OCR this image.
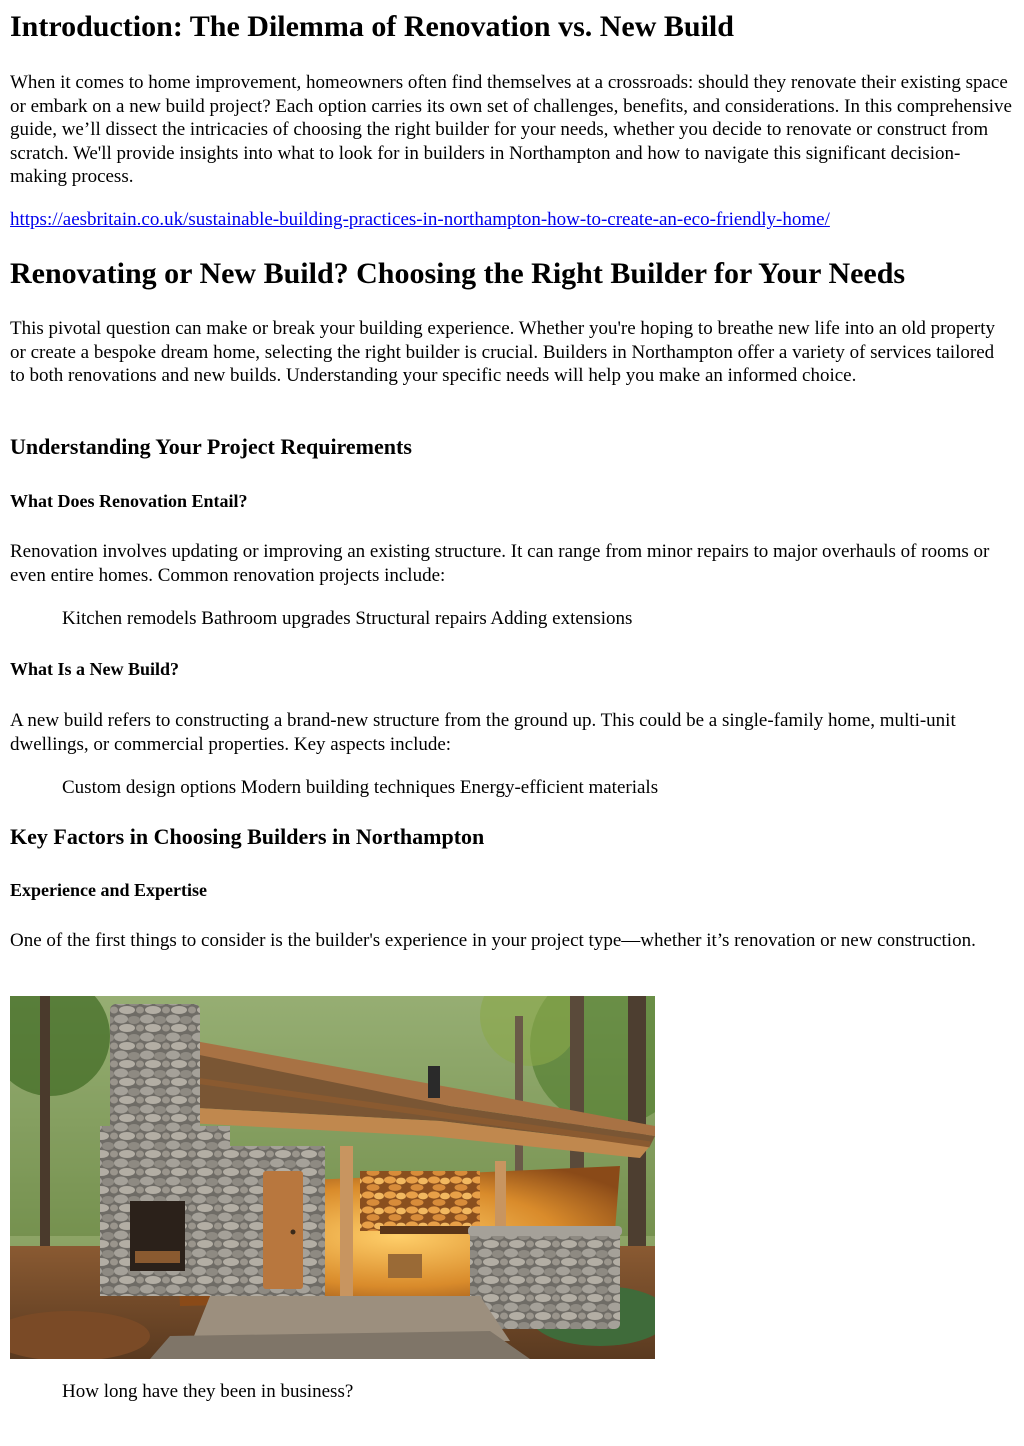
Introduction: The Dilemma of Renovation vs. New Build

When it comes to home improvement, homeowners often find themselves at a crossroads: should they renovate their existing space or embark on a new build project? Each option carries its own set of challenges, benefits, and considerations. In this comprehensive guide, we’ll dissect the intricacies of choosing the right builder for your needs, whether you decide to renovate or construct from scratch. We'll provide insights into what to look for in builders in Northampton and how to navigate this significant decision-making process.

https://aesbritain.co.uk/sustainable-building-practices-in-northampton-how-to-create-an-eco-friendly-home/
Renovating or New Build? Choosing the Right Builder for Your Needs

This pivotal question can make or break your building experience. Whether you're hoping to breathe new life into an old property or create a bespoke dream home, selecting the right builder is crucial. Builders in Northampton offer a variety of services tailored to both renovations and new builds. Understanding your specific needs will help you make an informed choice.

Understanding Your Project Requirements
What Does Renovation Entail?

Renovation involves updating or improving an existing structure. It can range from minor repairs to major overhauls of rooms or even entire homes. Common renovation projects include:

Kitchen remodels Bathroom upgrades Structural repairs Adding extensions
What Is a New Build?

A new build refers to constructing a brand-new structure from the ground up. This could be a single-family home, multi-unit dwellings, or commercial properties. Key aspects include:

Custom design options Modern building techniques Energy-efficient materials
Key Factors in Choosing Builders in Northampton
Experience and Expertise

One of the first things to consider is the builder's experience in your project type—whether it’s renovation or new construction.

How long have they been in business?
